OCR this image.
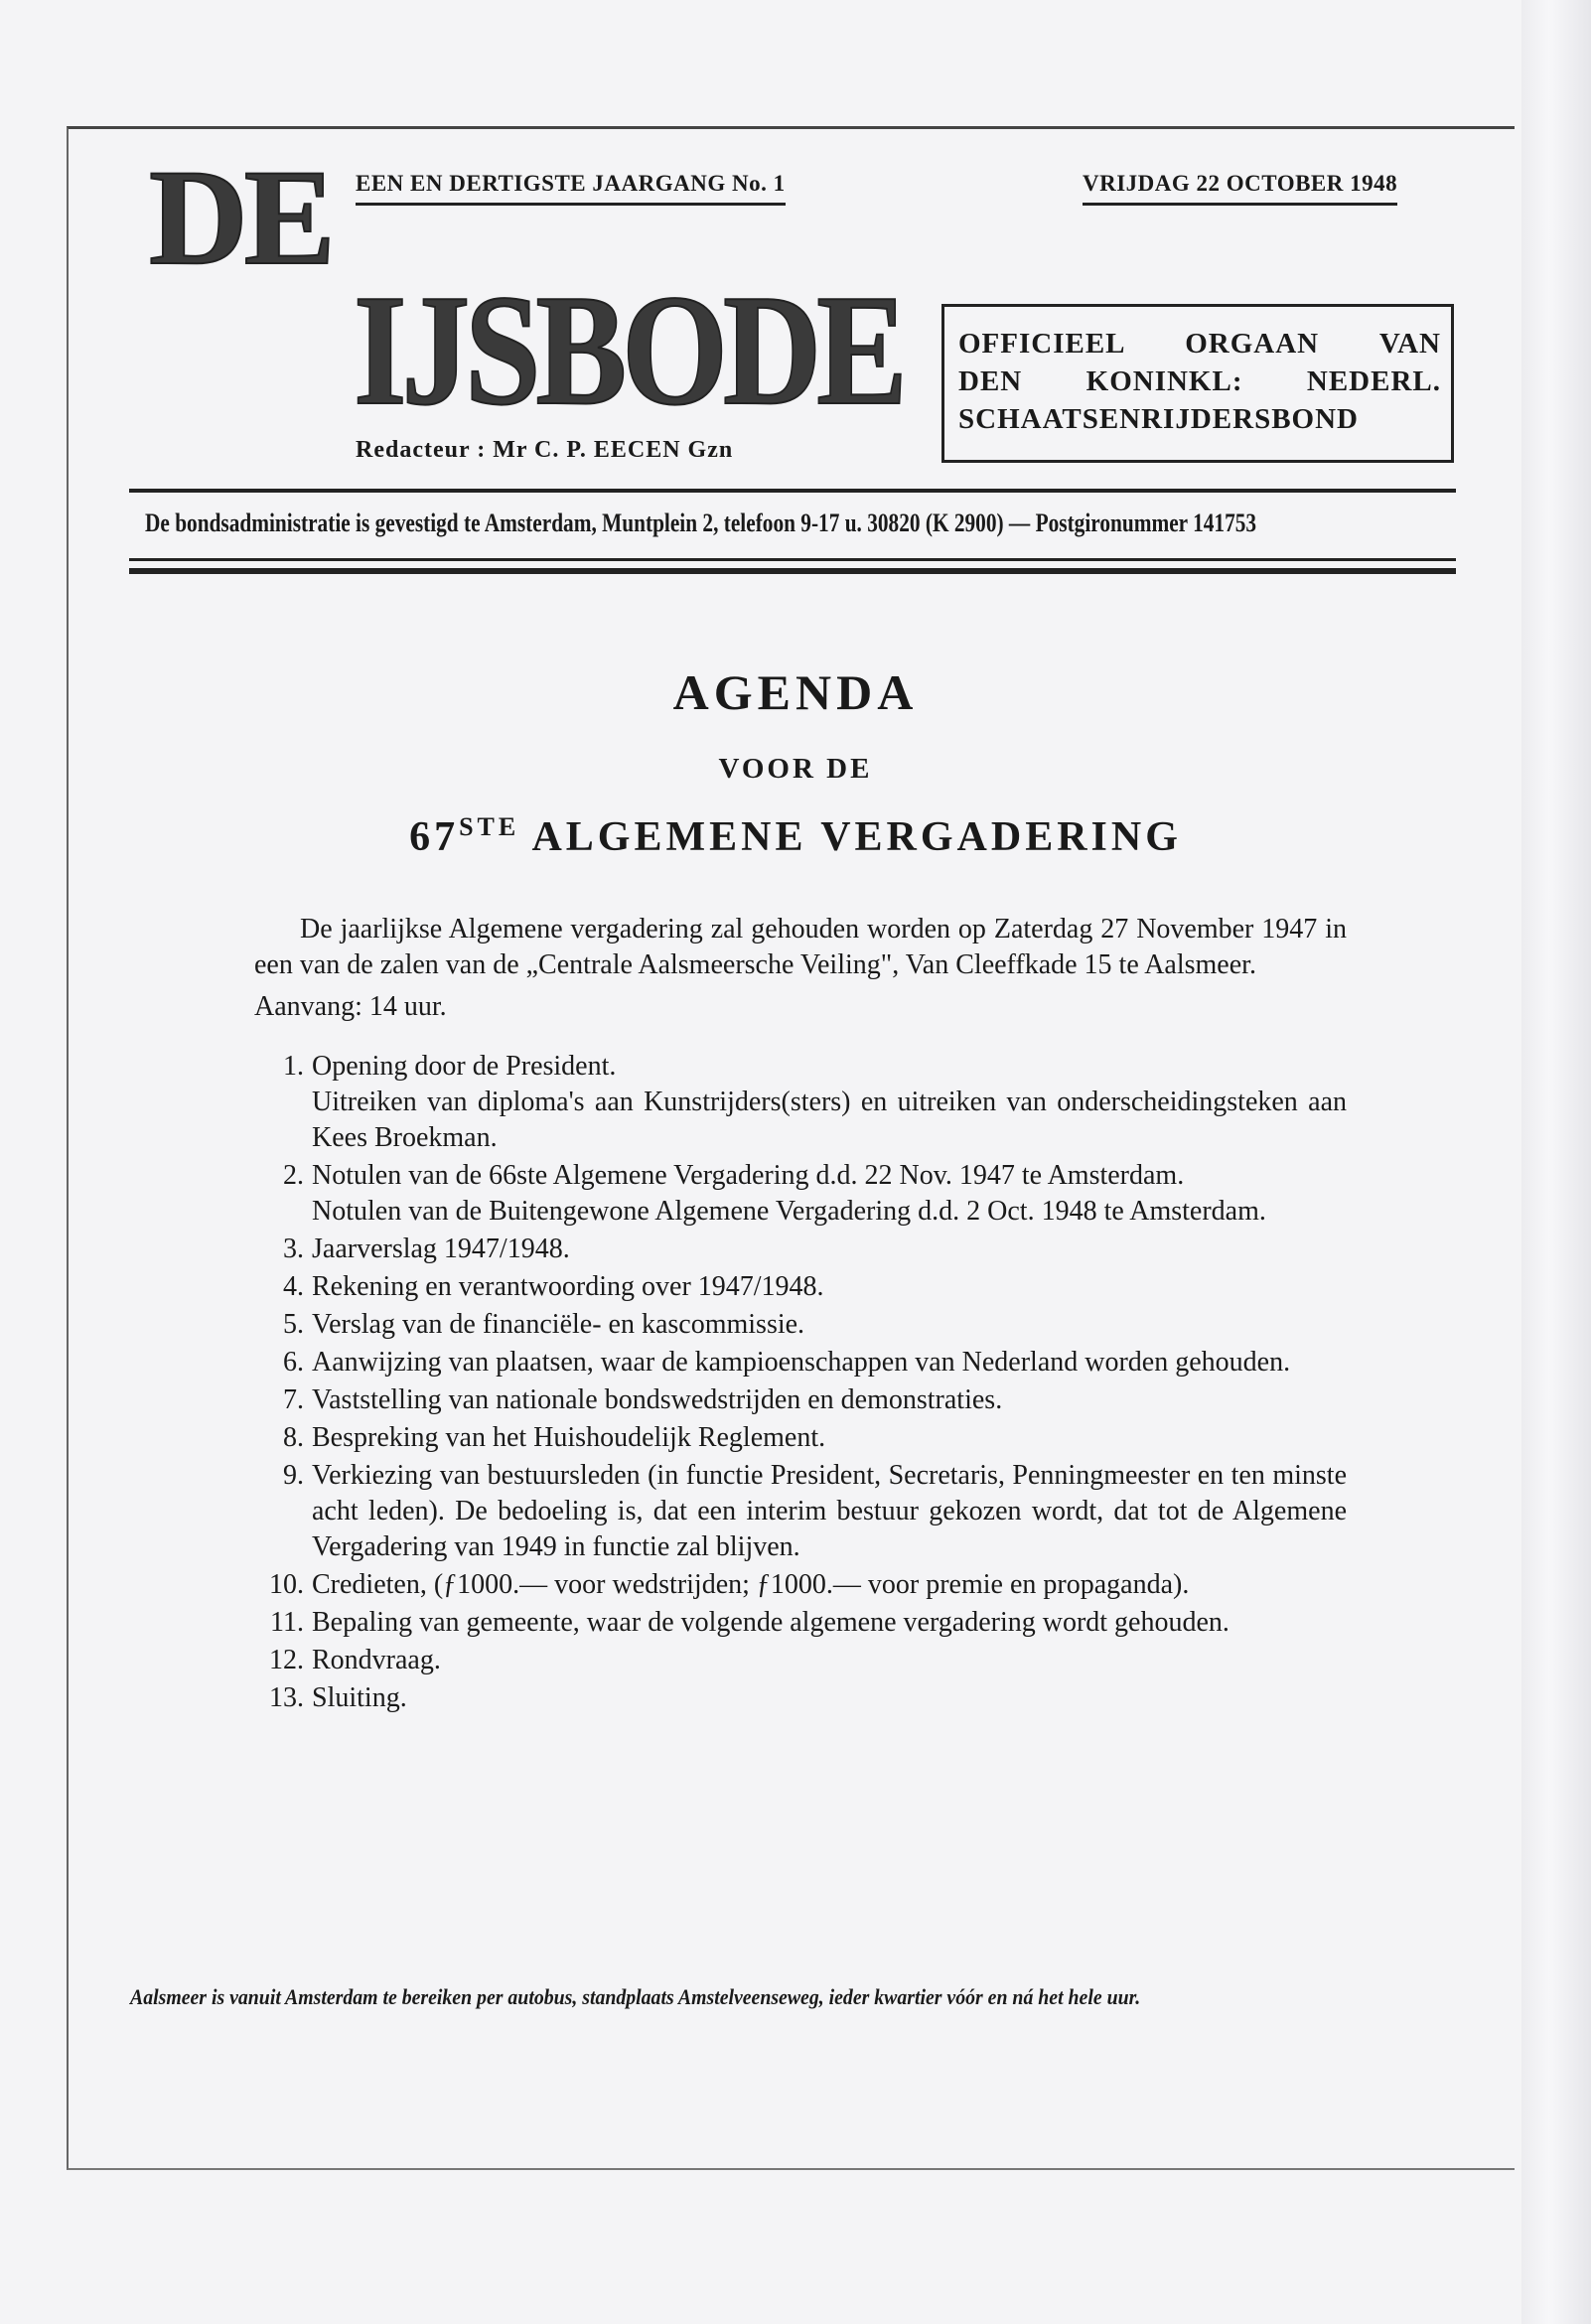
DE
IJSBODE
EEN EN DERTIGSTE JAARGANG No. 1	VRIJDAG 22 OCTOBER 1948
OFFICIEEL ORGAAN VAN
DEN KONINKL: NEDERL.
SCHAATSENRIJDERSBOND
Redacteur : Mr C. P. EECEN Gzn
De bondsadministratie is gevestigd te Amsterdam, Muntplein 2, telefoon 9-17 u. 30820 (K 2900) — Postgironummer 141753
AGENDA
VOOR DE
67STE ALGEMENE VERGADERING

De jaarlijkse Algemene vergadering zal gehouden worden op Zaterdag 27 November 1947 in een van de zalen van de „Centrale Aalsmeersche Veiling", Van Cleeffkade 15 te Aalsmeer.

Aanvang: 14 uur.
1. Opening door de President.
Uitreiken van diploma's aan Kunstrijders(sters) en uitreiken van onderscheidingsteken aan Kees Broekman.
2. Notulen van de 66ste Algemene Vergadering d.d. 22 Nov. 1947 te Amsterdam.
Notulen van de Buitengewone Algemene Vergadering d.d. 2 Oct. 1948 te Amsterdam.
3. Jaarverslag 1947/1948.
4. Rekening en verantwoording over 1947/1948.
5. Verslag van de financiële- en kascommissie.
6. Aanwijzing van plaatsen, waar de kampioenschappen van Nederland worden gehouden.
7. Vaststelling van nationale bondswedstrijden en demonstraties.
8. Bespreking van het Huishoudelijk Reglement.
9. Verkiezing van bestuursleden (in functie President, Secretaris, Penningmeester en ten minste acht leden). De bedoeling is, dat een interim bestuur gekozen wordt, dat tot de Algemene Vergadering van 1949 in functie zal blijven.
10. Credieten, (ƒ1000.— voor wedstrijden; ƒ1000.— voor premie en propaganda).
11. Bepaling van gemeente, waar de volgende algemene vergadering wordt gehouden.
12. Rondvraag.
13. Sluiting.
Aalsmeer is vanuit Amsterdam te bereiken per autobus, standplaats Amstelveenseweg, ieder kwartier vóór en ná het hele uur.
